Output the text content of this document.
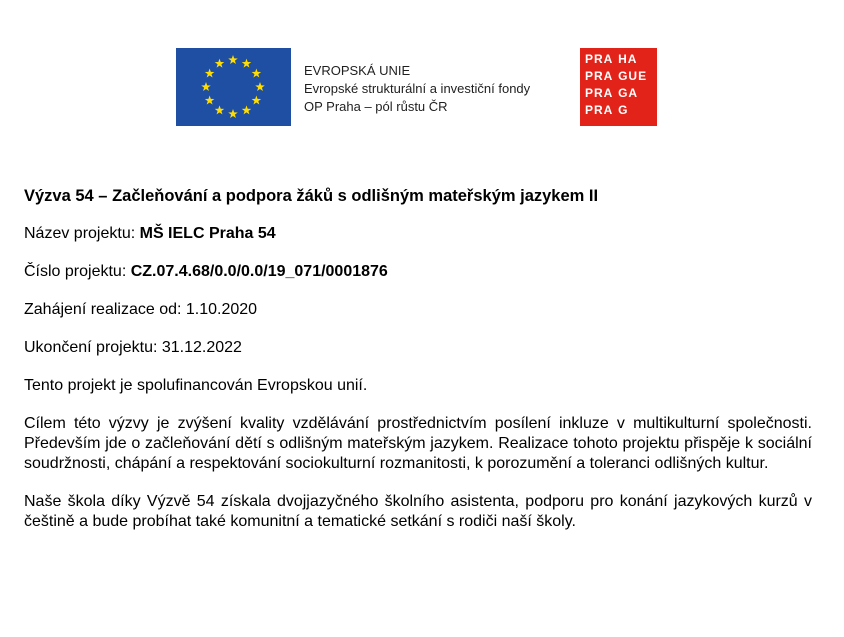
EVROPSKÁ UNIE
Evropské strukturální a investiční fondy
OP Praha – pól růstu ČR
PRA HA
PRA GUE
PRA GA
PRA G
Výzva 54 – Začleňování a podpora žáků s odlišným mateřským jazykem II
Název projektu: MŠ IELC Praha 54
Číslo projektu: CZ.07.4.68/0.0/0.0/19_071/0001876
Zahájení realizace od: 1.10.2020
Ukončení projektu: 31.12.2022
Tento projekt je spolufinancován Evropskou unií.
Cílem této výzvy je zvýšení kvality vzdělávání prostřednictvím posílení inkluze v multikulturní společnosti. Především jde o začleňování dětí s odlišným mateřským jazykem. Realizace tohoto projektu přispěje k sociální soudržnosti, chápání a respektování sociokulturní rozmanitosti, k porozumění a toleranci odlišných kultur.
Naše škola díky Výzvě 54 získala dvojjazyčného školního asistenta, podporu pro konání jazykových kurzů v češtině a bude probíhat také komunitní a tematické setkání s rodiči naší školy.
